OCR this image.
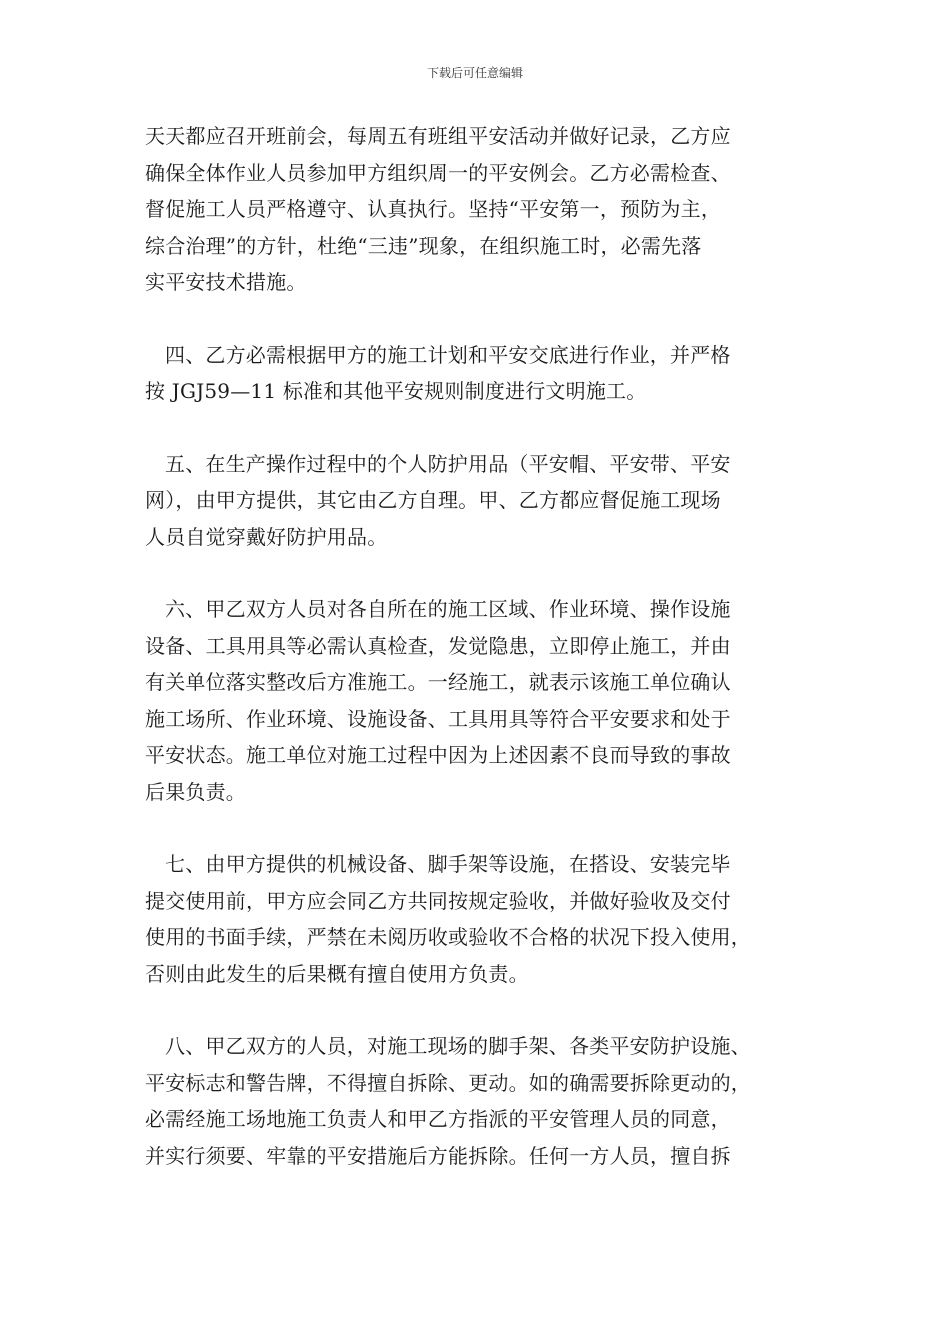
下载后可任意编辑

天天都应召开班前会，每周五有班组平安活动并做好记录，乙方应
确保全体作业人员参加甲方组织周一的平安例会。乙方必需检查、
督促施工人员严格遵守、认真执行。坚持“平安第一，预防为主，
综合治理”的方针，杜绝“三违”现象，在组织施工时，必需先落
实平安技术措施。

四、乙方必需根据甲方的施工计划和平安交底进行作业，并严格
按 JGJ59—11 标准和其他平安规则制度进行文明施工。

五、在生产操作过程中的个人防护用品（平安帽、平安带、平安
网），由甲方提供，其它由乙方自理。甲、乙方都应督促施工现场
人员自觉穿戴好防护用品。

六、甲乙双方人员对各自所在的施工区域、作业环境、操作设施
设备、工具用具等必需认真检查，发觉隐患，立即停止施工，并由
有关单位落实整改后方准施工。一经施工，就表示该施工单位确认
施工场所、作业环境、设施设备、工具用具等符合平安要求和处于
平安状态。施工单位对施工过程中因为上述因素不良而导致的事故
后果负责。

七、由甲方提供的机械设备、脚手架等设施，在搭设、安装完毕
提交使用前，甲方应会同乙方共同按规定验收，并做好验收及交付
使用的书面手续，严禁在未阅历收或验收不合格的状况下投入使用，
否则由此发生的后果概有擅自使用方负责。

八、甲乙双方的人员，对施工现场的脚手架、各类平安防护设施、
平安标志和警告牌，不得擅自拆除、更动。如的确需要拆除更动的，
必需经施工场地施工负责人和甲乙方指派的平安管理人员的同意，
并实行须要、牢靠的平安措施后方能拆除。任何一方人员，擅自拆
